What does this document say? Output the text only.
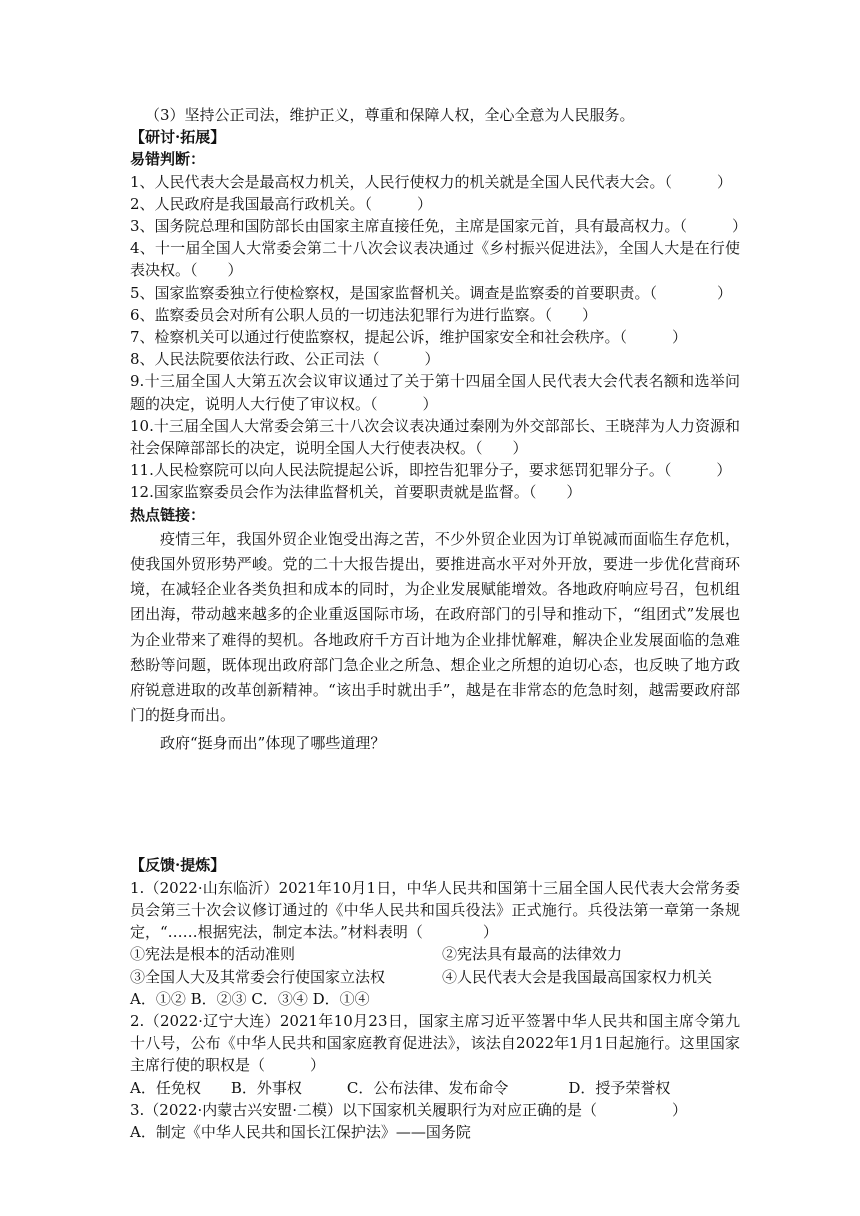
（3）坚持公正司法，维护正义，尊重和保障人权，全心全意为人民服务。
【研讨·拓展】
易错判断：
1、人民代表大会是最高权力机关，人民行使权力的机关就是全国人民代表大会。（　　　）
2、人民政府是我国最高行政机关。（　　　）
3、国务院总理和国防部长由国家主席直接任免，主席是国家元首，具有最高权力。（　　　）
4、十一届全国人大常委会第二十八次会议表决通过《乡村振兴促进法》，全国人大是在行使表决权。（　　）
5、国家监察委独立行使检察权，是国家监督机关。调查是监察委的首要职责。（　　　　）
6、监察委员会对所有公职人员的一切违法犯罪行为进行监察。（　　）
7、检察机关可以通过行使监察权，提起公诉，维护国家安全和社会秩序。（　　　）
8、人民法院要依法行政、公正司法（　　　）
9.十三届全国人大第五次会议审议通过了关于第十四届全国人民代表大会代表名额和选举问题的决定，说明人大行使了审议权。（　　　）
10.十三届全国人大常委会第三十八次会议表决通过秦刚为外交部部长、王晓萍为人力资源和社会保障部部长的决定，说明全国人大行使表决权。（　　）
11.人民检察院可以向人民法院提起公诉，即控告犯罪分子，要求惩罚犯罪分子。（　　　）
12.国家监察委员会作为法律监督机关，首要职责就是监督。（　　）
热点链接：
疫情三年，我国外贸企业饱受出海之苦，不少外贸企业因为订单锐减而面临生存危机，使我国外贸形势严峻。党的二十大报告提出，要推进高水平对外开放，要进一步优化营商环境，在减轻企业各类负担和成本的同时，为企业发展赋能增效。各地政府响应号召，包机组团出海，带动越来越多的企业重返国际市场，在政府部门的引导和推动下，“组团式”发展也为企业带来了难得的契机。各地政府千方百计地为企业排忧解难，解决企业发展面临的急难愁盼等问题，既体现出政府部门急企业之所急、想企业之所想的迫切心态，也反映了地方政府锐意进取的改革创新精神。“该出手时就出手”，越是在非常态的危急时刻，越需要政府部门的挺身而出。
政府“挺身而出”体现了哪些道理？
【反馈·提炼】
1.（2022·山东临沂）2021年10月1日，中华人民共和国第十三届全国人民代表大会常务委员会第三十次会议修订通过的《中华人民共和国兵役法》正式施行。兵役法第一章第一条规定，“……根据宪法，制定本法。”材料表明（　　　　）
①宪法是根本的活动准则	②宪法具有最高的法律效力
③全国人大及其常委会行使国家立法权	④人民代表大会是我国最高国家权力机关
A．①② B．②③ C．③④ D．①④
2.（2022·辽宁大连）2021年10月23日，国家主席习近平签署中华人民共和国主席令第九十八号，公布《中华人民共和国家庭教育促进法》，该法自2022年1月1日起施行。这里国家主席行使的职权是（　　　）
A．任免权　　B．外事权　　　C．公布法律、发布命令　　　　D．授予荣誉权
3.（2022·内蒙古兴安盟·二模）以下国家机关履职行为对应正确的是（　　　　　）
A．制定《中华人民共和国长江保护法》——国务院
